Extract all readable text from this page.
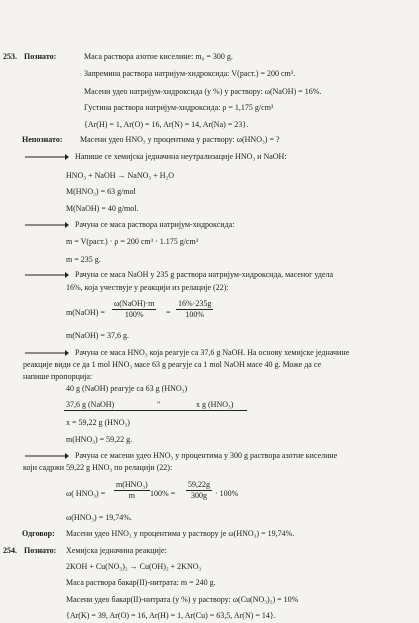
253. Познато:	Маса раствора азотне киселине: m₀ = 300 g.
Запремина раствора натријум-хидроксида: V(раст.) = 200 cm³.
Масени удео натријум-хидроксида (у %) у раствору: ω(NaOH) = 16%.
Густина раствора натријум-хидроксида: ρ = 1,175 g/cm³
{Ar(H) = 1, Ar(O) = 16, Ar(N) = 14, Ar(Na) = 23}.
Непознато: Масени удео HNO₃ у процентима у раствору: ω(HNO₃) = ?
Напише се хемијска једначина неутрализације HNO₃ и NaOH:
HNO₃ + NaOH → NaNO₃ + H₂O
M(HNO₃) = 63 g/mol
M(NaOH) = 40 g/mol.
Рачуна се маса раствора натријум-хидроксида:
m = V(раст.) · ρ = 200 cm³ · 1.175 g/cm³
m = 235 g.
Рачуна се маса NaOH у 235 g раствора натријум-хидроксида, масеног удела
16%, која учествује у реакцији из релације (22):
m(NaOH) =
ω(NaOH)·m
100%	= $\frac{16\%\cdot 235g}{100\%}$
m(NaOH) = 37,6 g.
Рачуна се маса HNO₃ која реагује са 37,6 g NaOH. На основу хемијске једначине
реакције види се да 1 mol HNO₃ масе 63 g реагује са 1 mol NaOH масе 40 g. Може да се
напише пропорција:
40 g (NaOH) реагује са 63 g (HNO₃)
37,6 g (NaOH)	"	x g (HNO₃)
x = 59,22 g (HNO₃)
m(HNO₃) = 59,22 g.
Рачуна се масени удео HNO₃ у процентима у 300 g раствора азотне киселине
који садржи 59,22 g HNO₃ по релацији (22):
ω( HNO₃) =
m(HNO₃)
m $100\% = \frac{59,22g}{300g} \cdot 100\%$
ω(HNO₃) = 19,74%.
Одговор: Масени удео HNO₃ у процентима у раствору је ω(HNO₃) = 19,74%.
254. Познато: Хемијска једначина реакције:
2KOH + Cu(NO₃)₂ → Cu(OH)₂ + 2KNO₃
Маса раствора бакар(II)-нитрата: m = 240 g.
Масени удео бакар(II)-нитрата (у %) у раствору: ω(Cu(NO₃)₂) = 10%
{Ar(K) = 39, Ar(O) = 16, Ar(H) = 1, Ar(Cu) = 63,5, Ar(N) = 14}.
